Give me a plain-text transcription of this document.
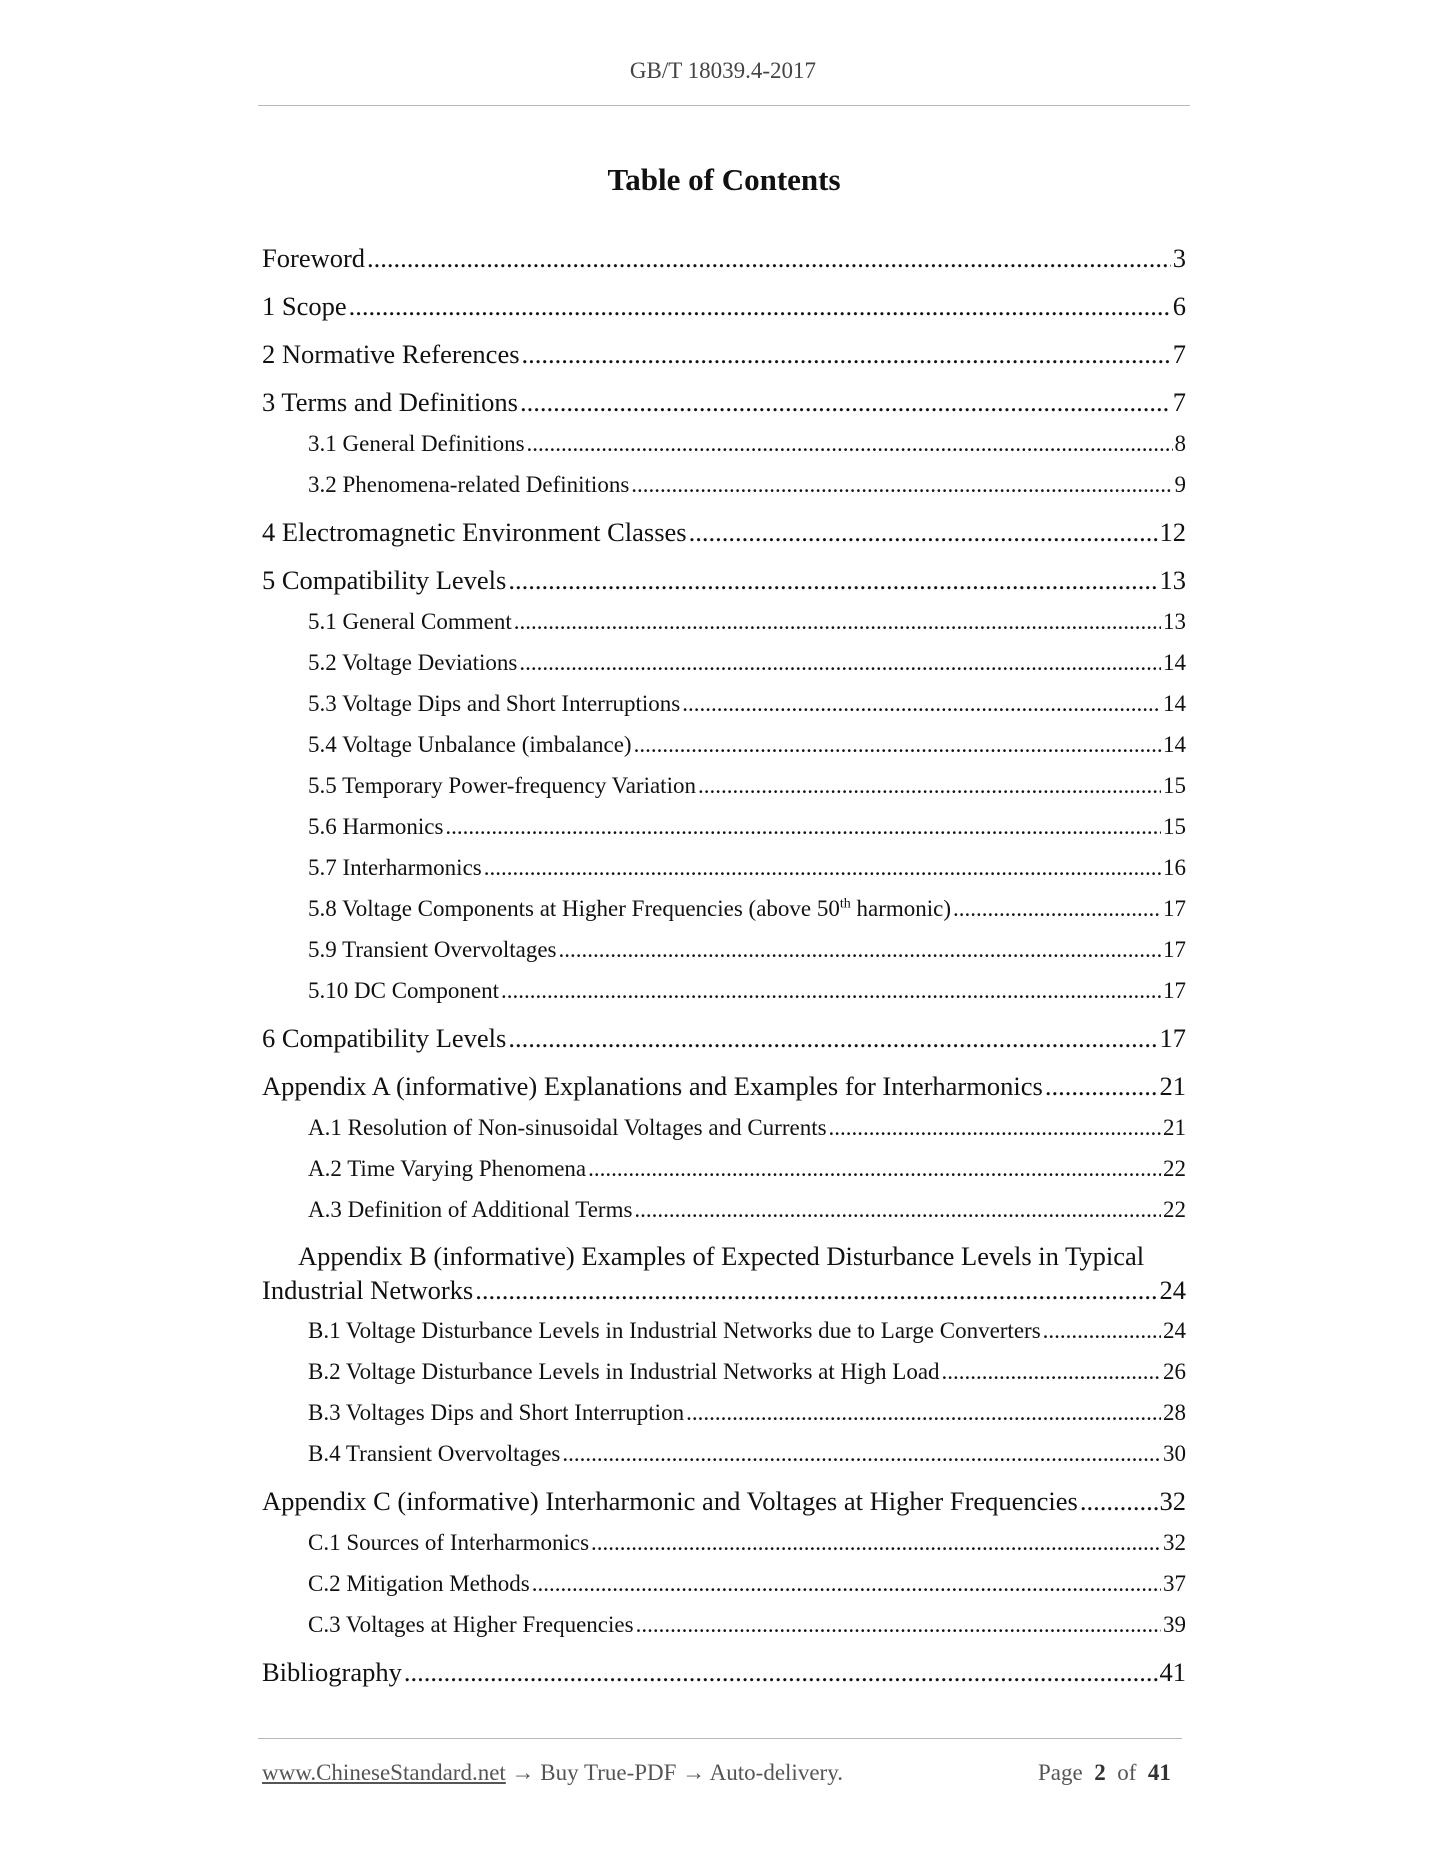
GB/T 18039.4-2017
Table of Contents
Foreword .....	3
1 Scope .....	6
2 Normative References .....	7
3 Terms and Definitions .....	7
3.1 General Definitions .....	8
3.2 Phenomena-related Definitions .....	9
4 Electromagnetic Environment Classes .....	12
5 Compatibility Levels .....	13
5.1 General Comment .....	13
5.2 Voltage Deviations .....	14
5.3 Voltage Dips and Short Interruptions .....	14
5.4 Voltage Unbalance (imbalance) .....	14
5.5 Temporary Power-frequency Variation .....	15
5.6 Harmonics .....	15
5.7 Interharmonics .....	16
5.8 Voltage Components at Higher Frequencies (above 50th harmonic) .....	17
5.9 Transient Overvoltages .....	17
5.10 DC Component .....	17
6 Compatibility Levels .....	17
Appendix A (informative) Explanations and Examples for Interharmonics .....	21
A.1 Resolution of Non-sinusoidal Voltages and Currents .....	21
A.2 Time Varying Phenomena .....	22
A.3 Definition of Additional Terms .....	22
Appendix B (informative) Examples of Expected Disturbance Levels in Typical
Industrial Networks .....	24
B.1 Voltage Disturbance Levels in Industrial Networks due to Large Converters .....	24
B.2 Voltage Disturbance Levels in Industrial Networks at High Load .....	26
B.3 Voltages Dips and Short Interruption .....	28
B.4 Transient Overvoltages .....	30
Appendix C (informative) Interharmonic and Voltages at Higher Frequencies .....	32
C.1 Sources of Interharmonics .....	32
C.2 Mitigation Methods .....	37
C.3 Voltages at Higher Frequencies .....	39
Bibliography .....	41
www.ChineseStandard.net → Buy True-PDF → Auto-delivery.	Page 2 of 41
